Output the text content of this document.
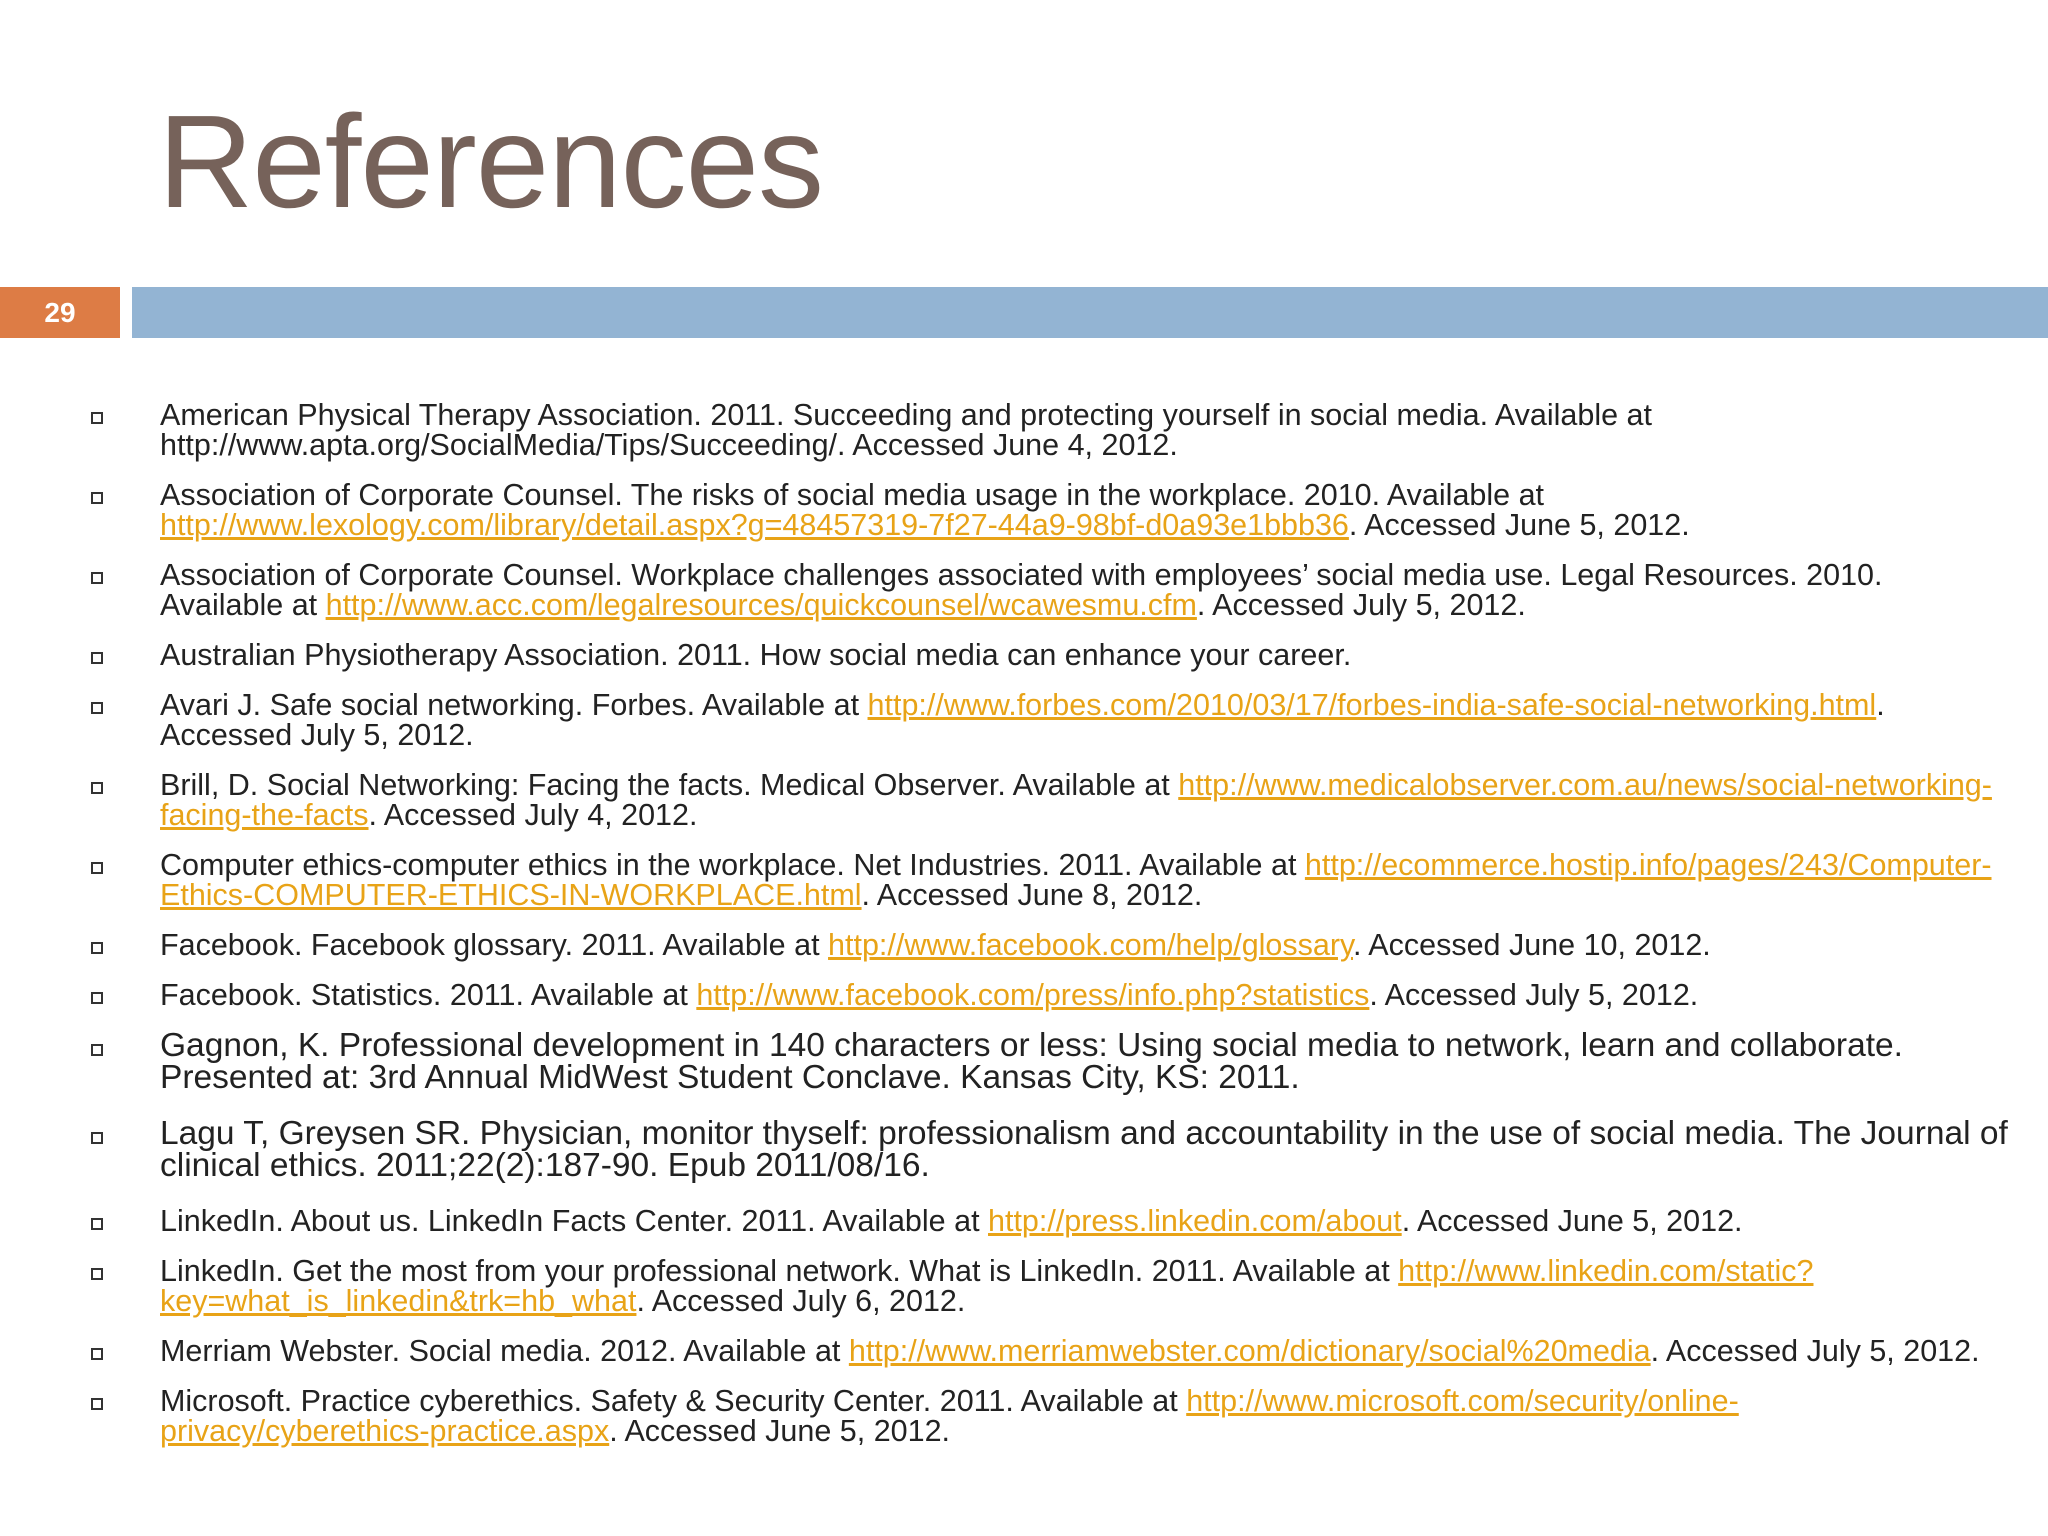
References
29
American Physical Therapy Association. 2011. Succeeding and protecting yourself in social media. Available at http://www.apta.org/SocialMedia/Tips/Succeeding/. Accessed June 4, 2012.
Association of Corporate Counsel. The risks of social media usage in the workplace. 2010. Available at http://www.lexology.com/library/detail.aspx?g=48457319-7f27-44a9-98bf-d0a93e1bbb36. Accessed June 5, 2012.
Association of Corporate Counsel. Workplace challenges associated with employees’ social media use. Legal Resources. 2010. Available at http://www.acc.com/legalresources/quickcounsel/wcawesmu.cfm. Accessed July 5, 2012.
Australian Physiotherapy Association. 2011. How social media can enhance your career.
Avari J. Safe social networking. Forbes. Available at http://www.forbes.com/2010/03/17/forbes-india-safe-social-networking.html. Accessed July 5, 2012.
Brill, D. Social Networking: Facing the facts. Medical Observer. Available at http://www.medicalobserver.com.au/news/social-networking-facing-the-facts. Accessed July 4, 2012.
Computer ethics-computer ethics in the workplace. Net Industries. 2011. Available at http://ecommerce.hostip.info/pages/243/Computer-Ethics-COMPUTER-ETHICS-IN-WORKPLACE.html. Accessed June 8, 2012.
Facebook. Facebook glossary. 2011. Available at http://www.facebook.com/help/glossary. Accessed June 10, 2012.
Facebook. Statistics. 2011. Available at http://www.facebook.com/press/info.php?statistics. Accessed July 5, 2012.
Gagnon, K. Professional development in 140 characters or less: Using social media to network, learn and collaborate. Presented at: 3rd Annual MidWest Student Conclave. Kansas City, KS: 2011.
Lagu T, Greysen SR. Physician, monitor thyself: professionalism and accountability in the use of social media. The Journal of clinical ethics. 2011;22(2):187-90. Epub 2011/08/16.
LinkedIn. About us. LinkedIn Facts Center. 2011. Available at http://press.linkedin.com/about. Accessed June 5, 2012.
LinkedIn. Get the most from your professional network. What is LinkedIn. 2011. Available at http://www.linkedin.com/static?key=what_is_linkedin&trk=hb_what. Accessed July 6, 2012.
Merriam Webster. Social media. 2012. Available at http://www.merriamwebster.com/dictionary/social%20media. Accessed July 5, 2012.
Microsoft. Practice cyberethics. Safety & Security Center. 2011. Available at http://www.microsoft.com/security/online-privacy/cyberethics-practice.aspx. Accessed June 5, 2012.
